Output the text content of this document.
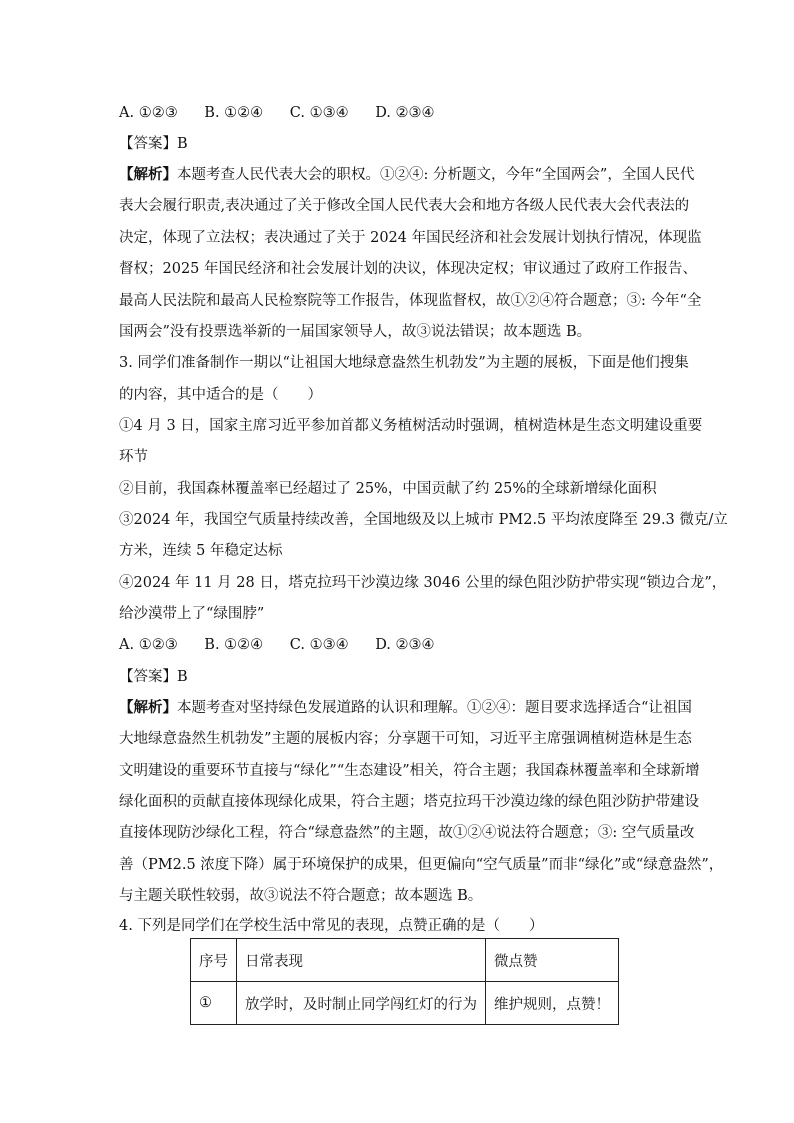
A. ①②③ B. ①②④ C. ①③④ D. ②③④
【答案】B
【解析】本题考查人民代表大会的职权。①②④: 分析题文，今年“全国两会”，全国人民代
表大会履行职责,表决通过了关于修改全国人民代表大会和地方各级人民代表大会代表法的
决定，体现了立法权；表决通过了关于 2024 年国民经济和社会发展计划执行情况，体现监
督权；2025 年国民经济和社会发展计划的决议，体现决定权；审议通过了政府工作报告、
最高人民法院和最高人民检察院等工作报告，体现监督权，故①②④符合题意；③: 今年“全
国两会”没有投票选举新的一届国家领导人，故③说法错误；故本题选 B。
3. 同学们准备制作一期以“让祖国大地绿意盎然生机勃发”为主题的展板，下面是他们搜集
的内容，其中适合的是（　　）
①4 月 3 日，国家主席习近平参加首都义务植树活动时强调，植树造林是生态文明建设重要
环节
②目前，我国森林覆盖率已经超过了 25%，中国贡献了约 25%的全球新增绿化面积
③2024 年，我国空气质量持续改善，全国地级及以上城市 PM2.5 平均浓度降至 29.3 微克/立
方米，连续 5 年稳定达标
④2024 年 11 月 28 日，塔克拉玛干沙漠边缘 3046 公里的绿色阻沙防护带实现“锁边合龙”，
给沙漠带上了“绿围脖”
A. ①②③ B. ①②④ C. ①③④ D. ②③④
【答案】B
【解析】本题考查对坚持绿色发展道路的认识和理解。①②④：题目要求选择适合“让祖国
大地绿意盎然生机勃发”主题的展板内容；分享题干可知，习近平主席强调植树造林是生态
文明建设的重要环节直接与“绿化”“生态建设”相关，符合主题；我国森林覆盖率和全球新增
绿化面积的贡献直接体现绿化成果，符合主题；塔克拉玛干沙漠边缘的绿色阻沙防护带建设
直接体现防沙绿化工程，符合“绿意盎然”的主题，故①②④说法符合题意；③: 空气质量改
善（PM2.5 浓度下降）属于环境保护的成果，但更偏向“空气质量”而非“绿化”或“绿意盎然”，
与主题关联性较弱，故③说法不符合题意；故本题选 B。
4. 下列是同学们在学校生活中常见的表现，点赞正确的是（　　）
序号	日常表现	微点赞
①	放学时，及时制止同学闯红灯的行为	维护规则，点赞！
